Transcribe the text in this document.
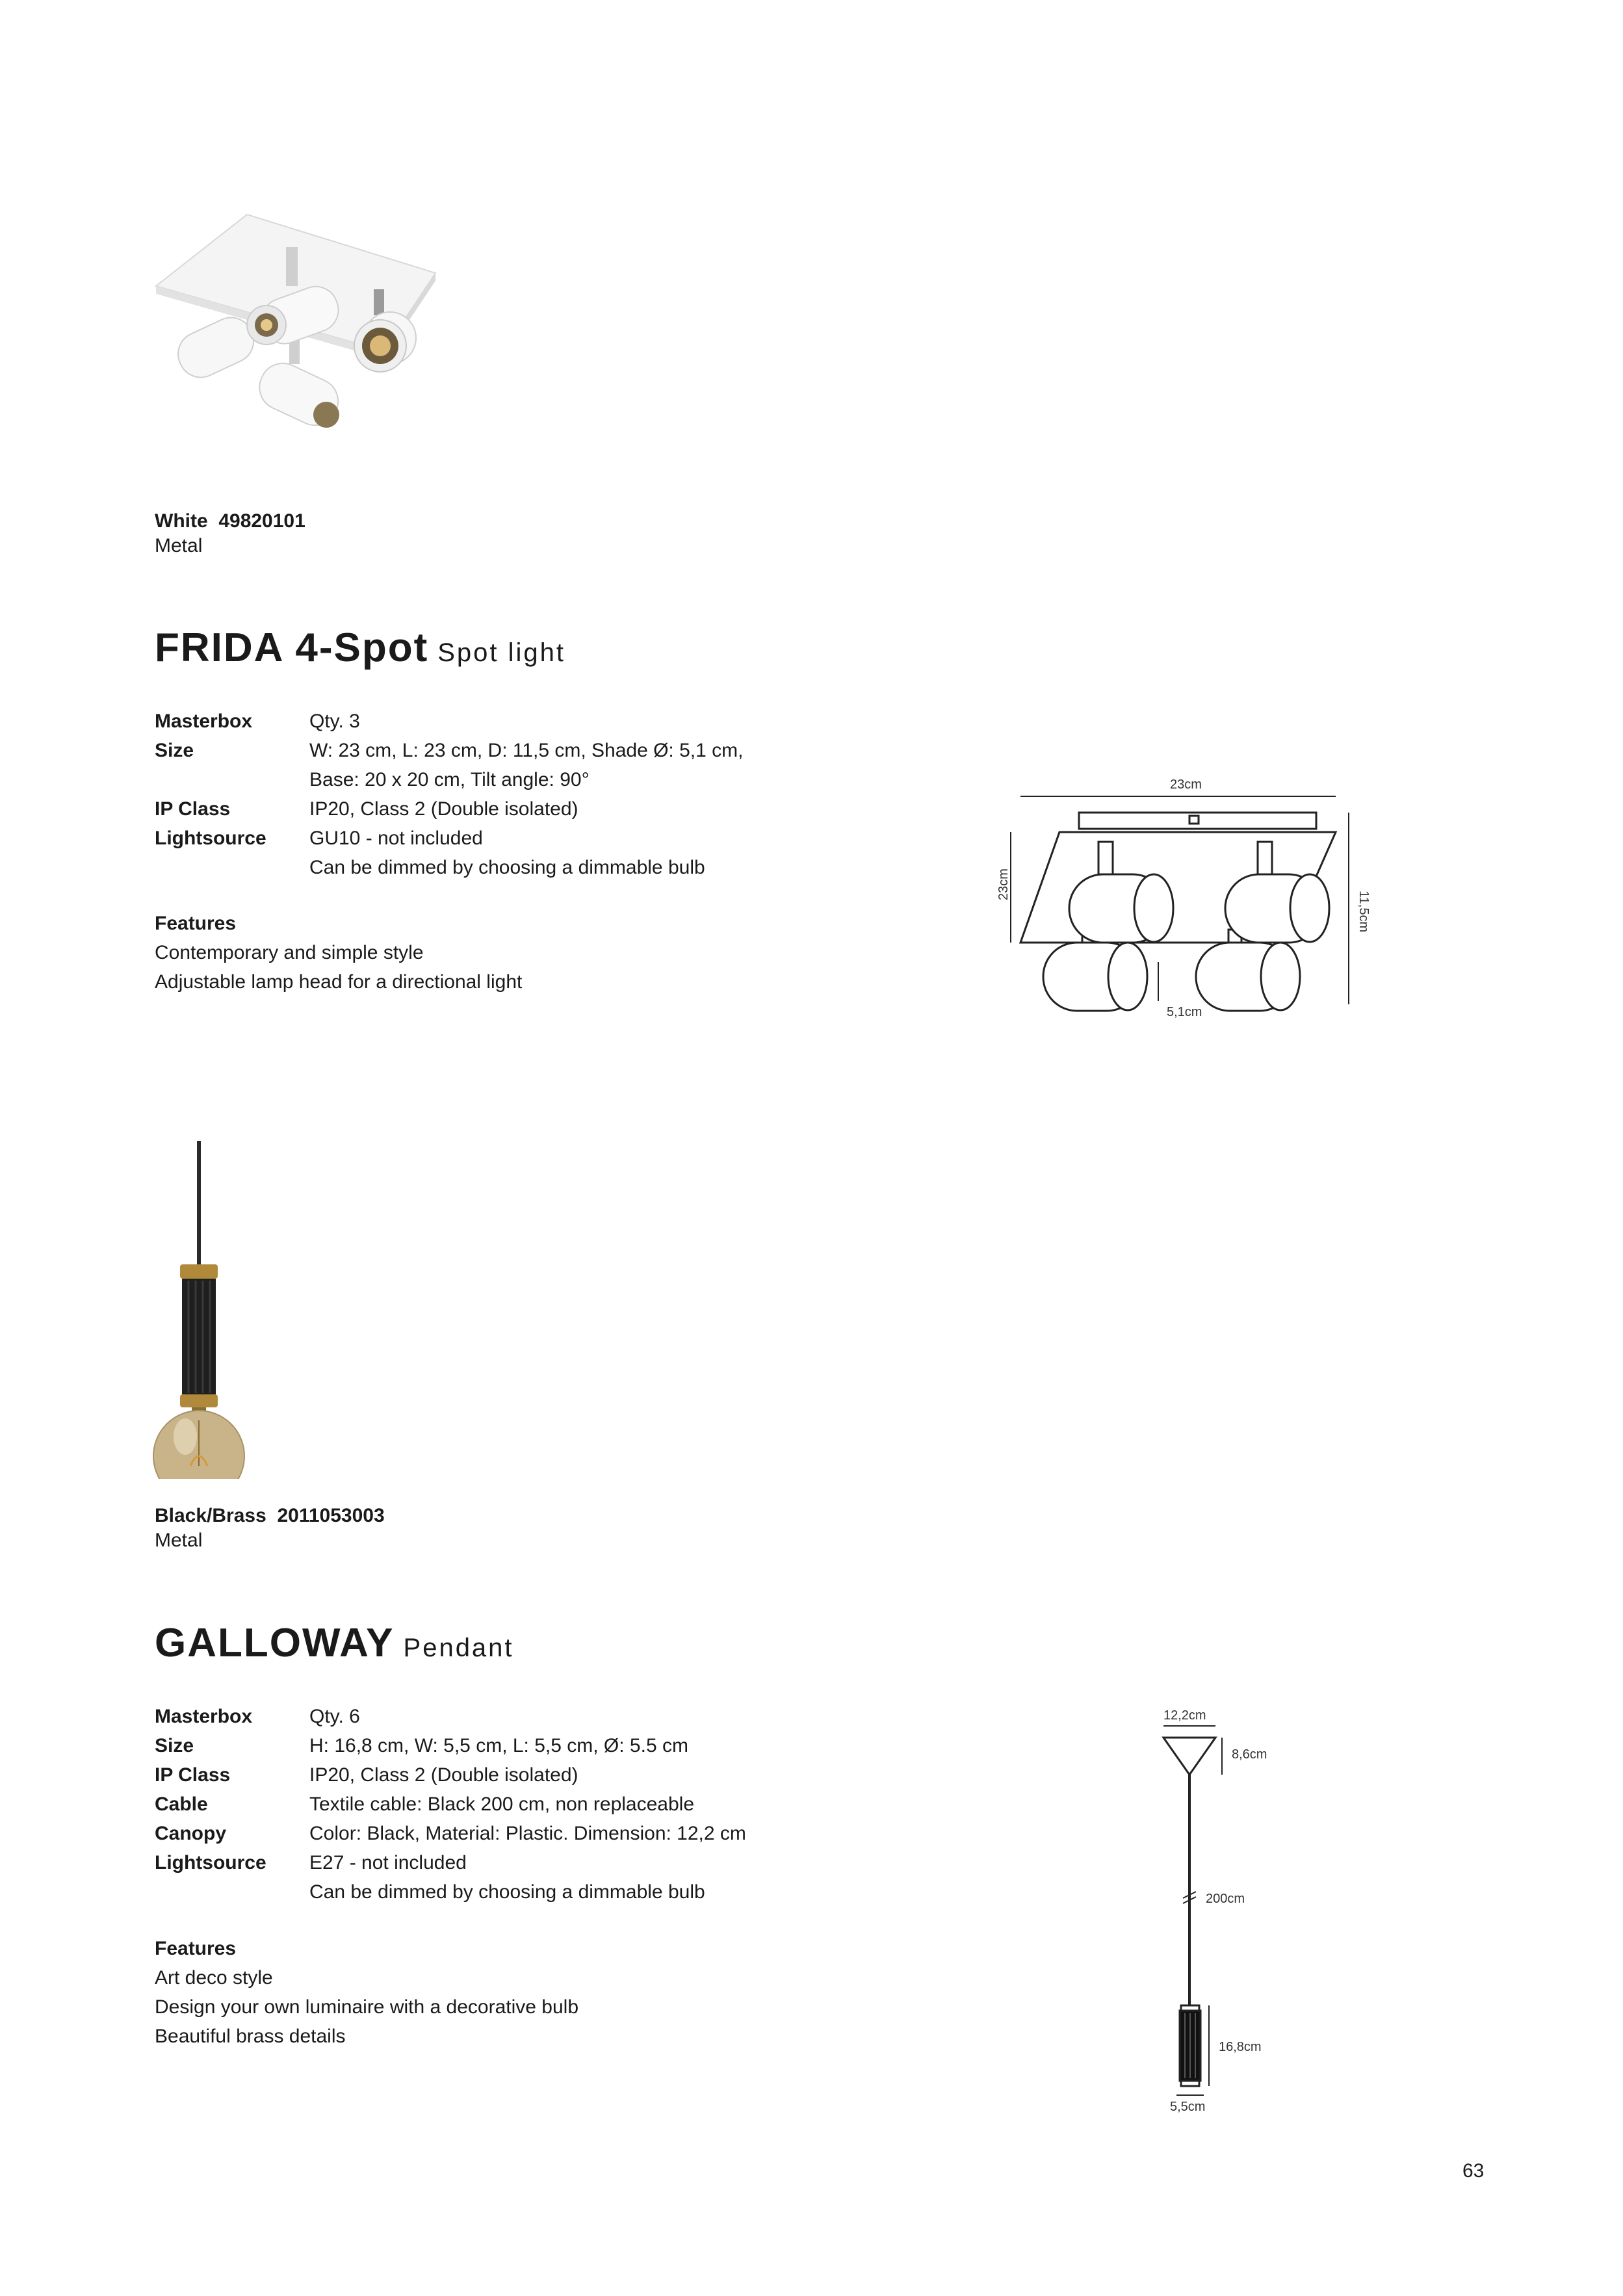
White  49820101
Metal
FRIDA 4-Spot Spot light
Masterbox	Qty. 3
Size	W: 23 cm, L: 23 cm, D: 11,5 cm, Shade Ø: 5,1 cm,
Base: 20 x 20 cm, Tilt angle: 90°
IP Class	IP20, Class 2 (Double isolated)
Lightsource	GU10 - not included
Can be dimmed by choosing a dimmable bulb
Features
Contemporary and simple style
Adjustable lamp head for a directional light
23cm
23cm
11,5cm
5,1cm
Black/Brass  2011053003
Metal
GALLOWAY Pendant
Masterbox	Qty. 6
Size	H: 16,8 cm, W: 5,5 cm, L: 5,5 cm, Ø: 5.5 cm
IP Class	IP20, Class 2 (Double isolated)
Cable	Textile cable: Black 200 cm, non replaceable
Canopy	Color: Black, Material: Plastic. Dimension: 12,2 cm
Lightsource	E27 - not included
Can be dimmed by choosing a dimmable bulb
Features
Art deco style
Design your own luminaire with a decorative bulb
Beautiful brass details
12,2cm
8,6cm
200cm
16,8cm
5,5cm
63
